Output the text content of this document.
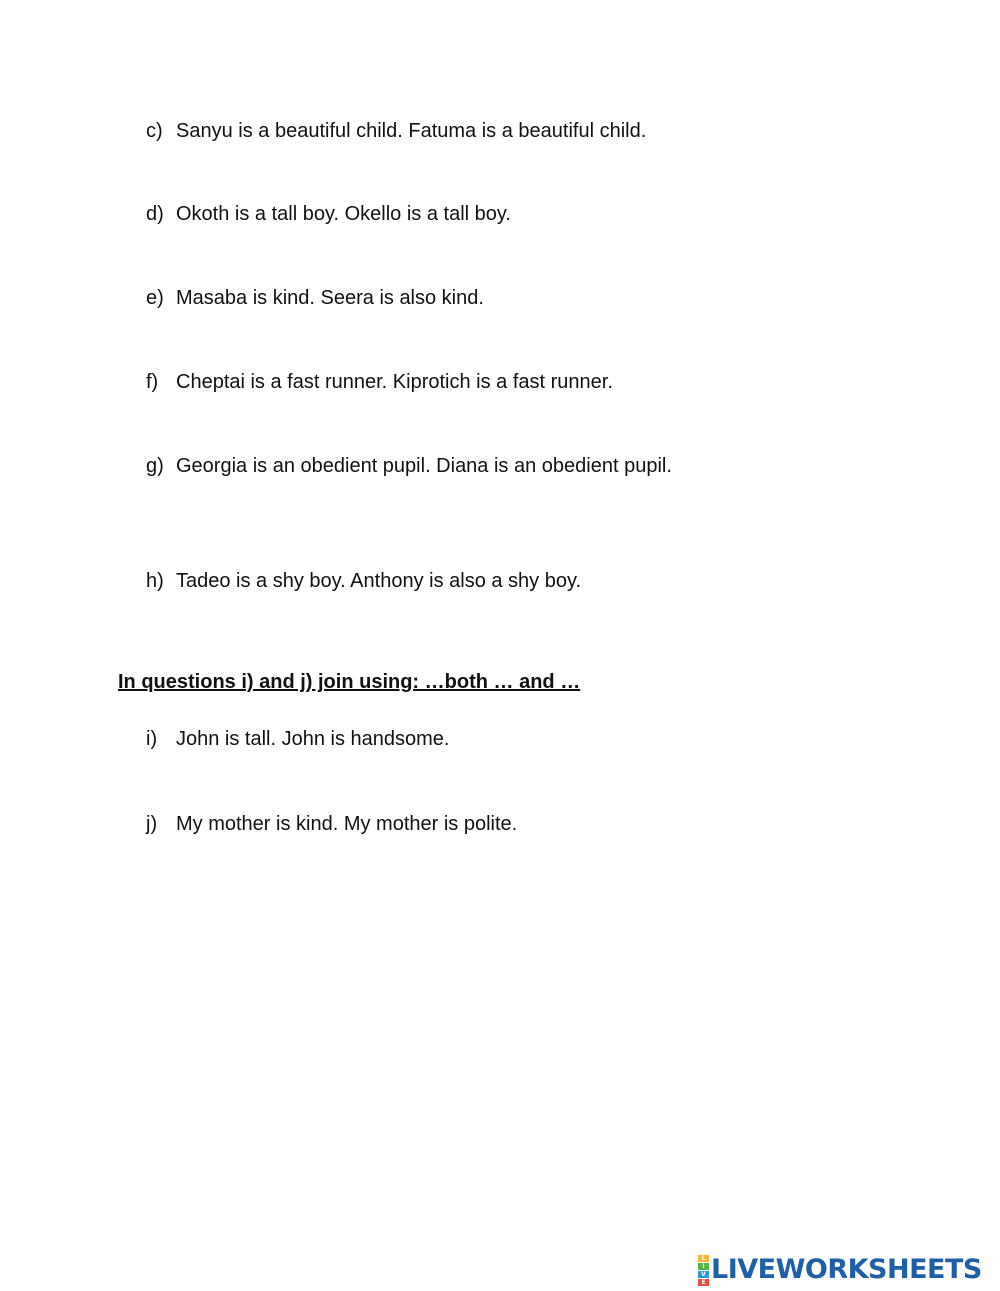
c) Sanyu is a beautiful child. Fatuma is a beautiful child.
d) Okoth is a tall boy. Okello is a tall boy.
e) Masaba is kind. Seera is also kind.
f) Cheptai is a fast runner. Kiprotich is a fast runner.
g) Georgia is an obedient pupil. Diana is an obedient pupil.
h) Tadeo is a shy boy. Anthony is also a shy boy.
In questions i) and j) join using: …both … and …
i) John is tall. John is handsome.
j) My mother is kind. My mother is polite.
L
I
V
E LIVEWORKSHEETS
